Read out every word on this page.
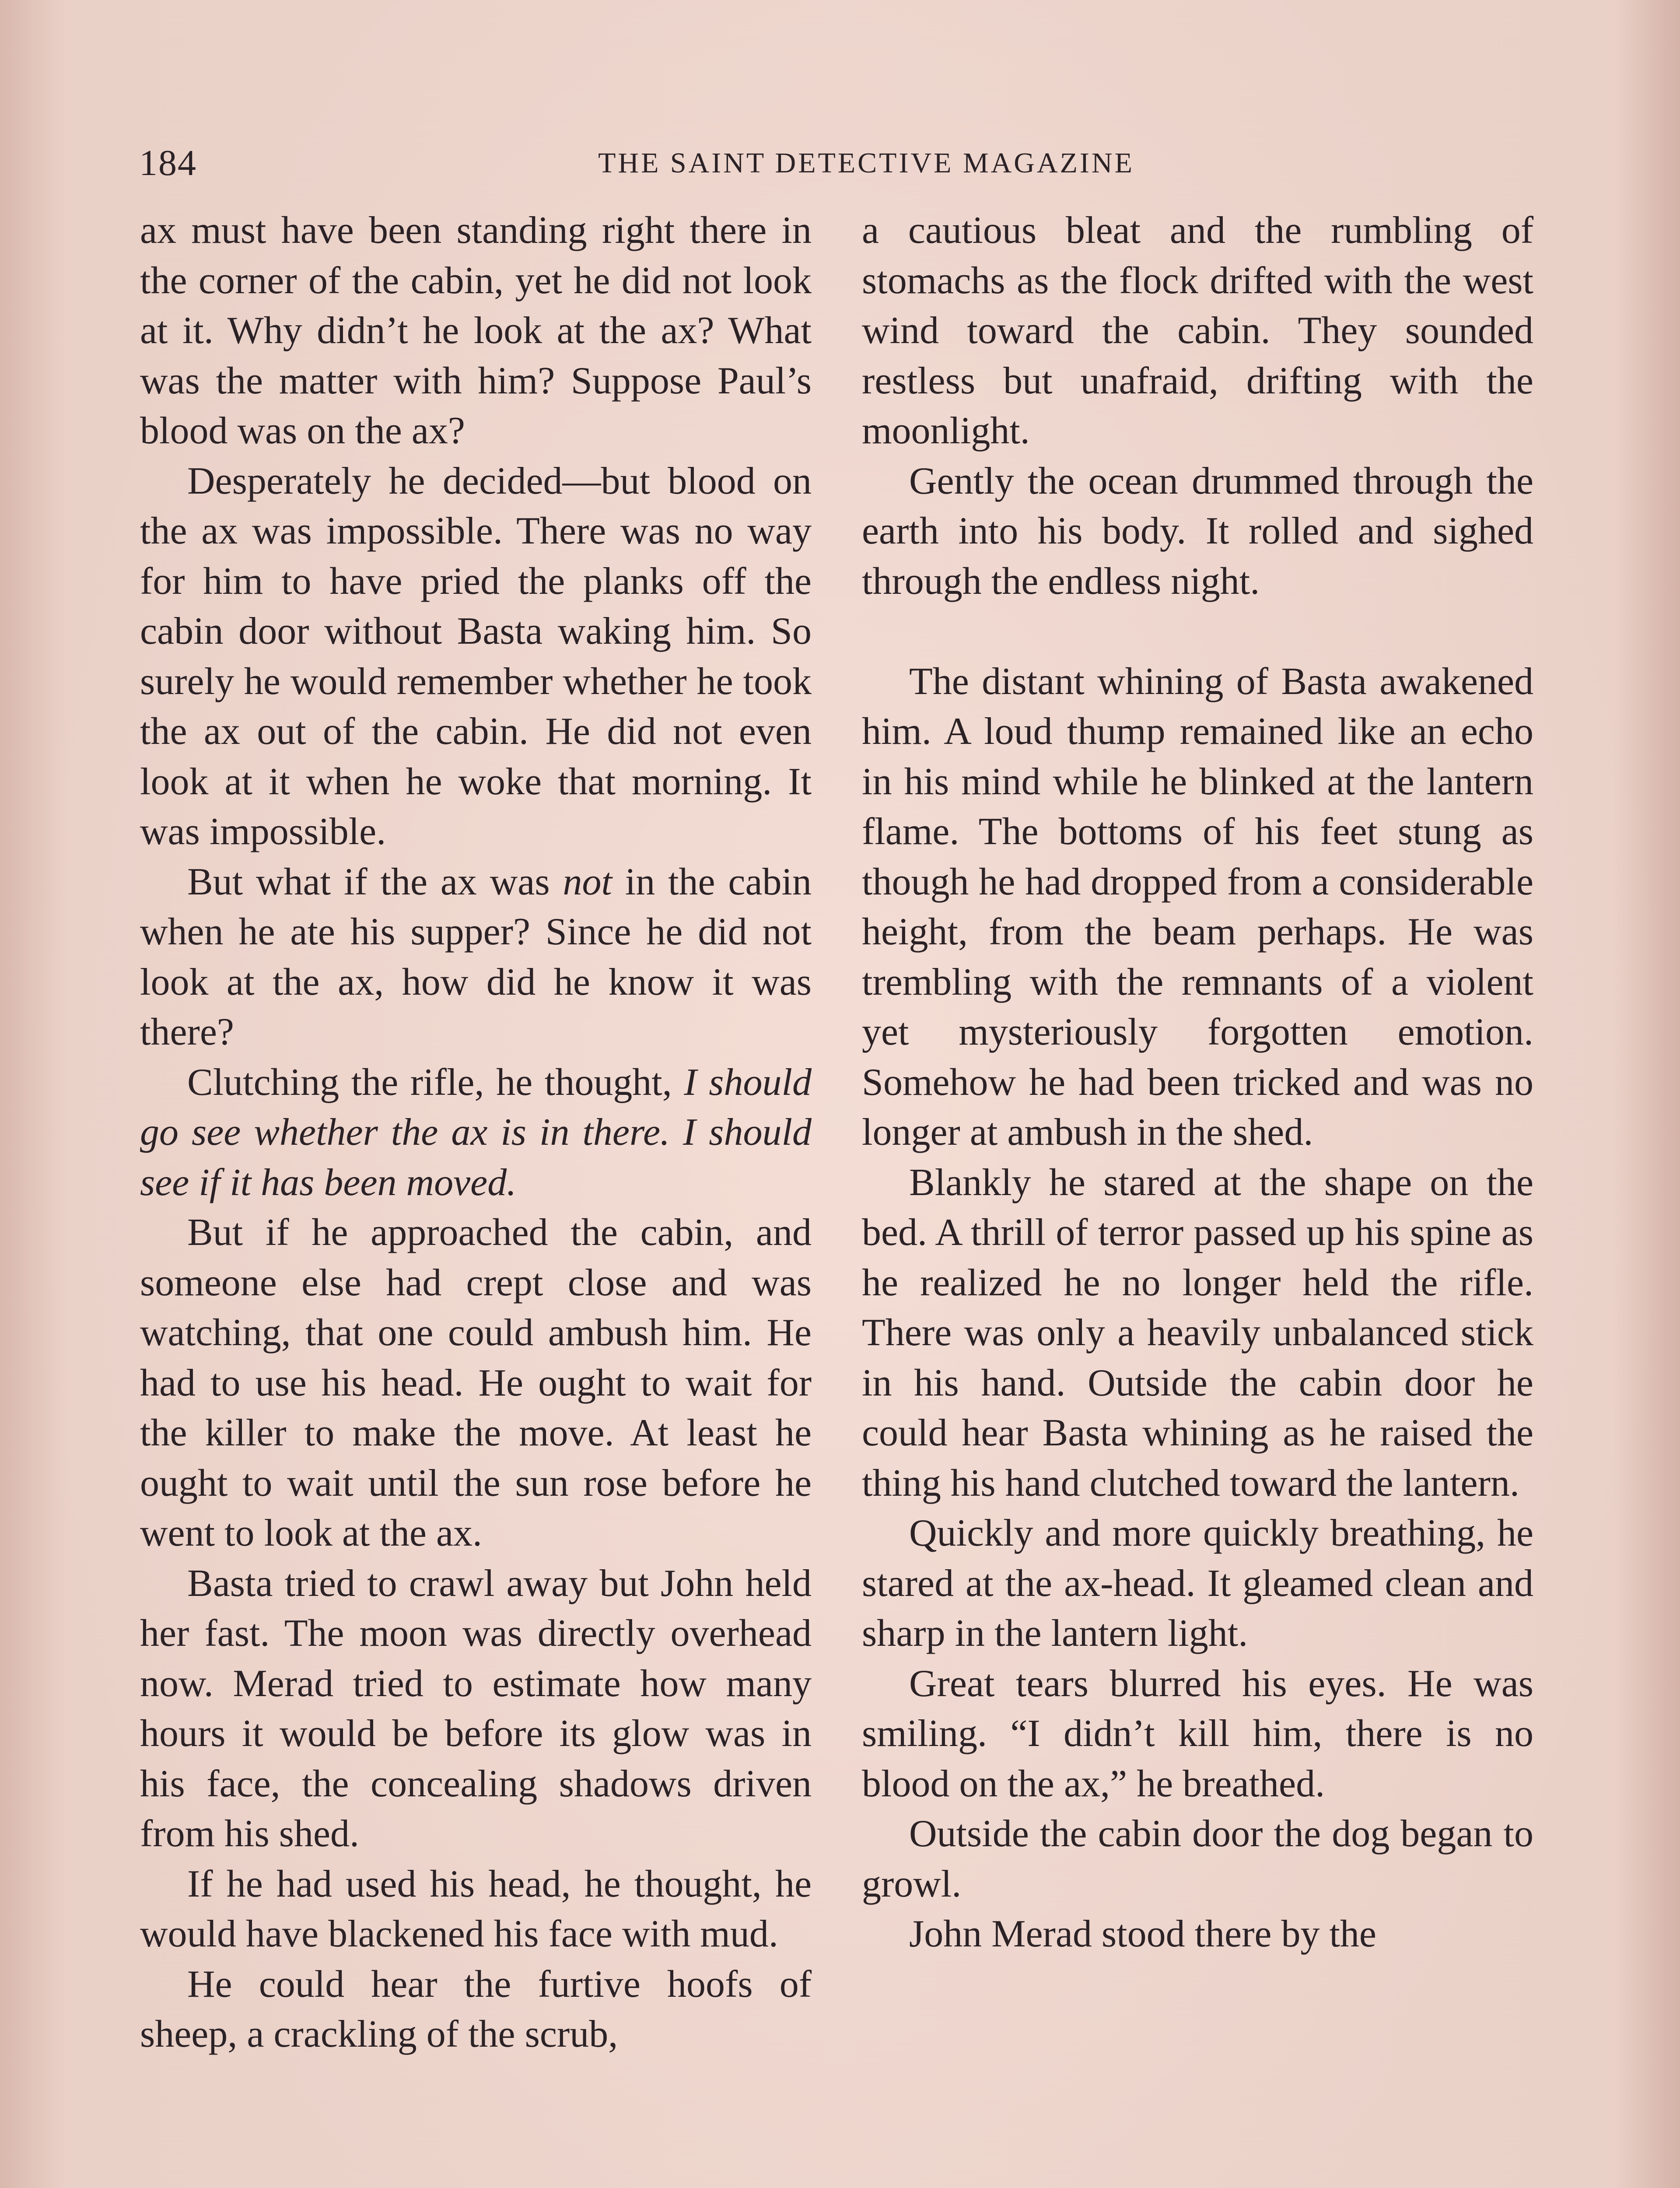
184	THE SAINT DETECTIVE MAGAZINE

ax must have been standing right there in the corner of the cabin, yet he did not look at it. Why didn’t he look at the ax? What was the matter with him? Suppose Paul’s blood was on the ax?

Desperately he decided—but blood on the ax was impossible. There was no way for him to have pried the planks off the cabin door without Basta waking him. So surely he would remember whether he took the ax out of the cabin. He did not even look at it when he woke that morning. It was impossible.

But what if the ax was not in the cabin when he ate his supper? Since he did not look at the ax, how did he know it was there?

Clutching the rifle, he thought, I should go see whether the ax is in there. I should see if it has been moved.

But if he approached the cabin, and someone else had crept close and was watching, that one could ambush him. He had to use his head. He ought to wait for the killer to make the move. At least he ought to wait until the sun rose before he went to look at the ax.

Basta tried to crawl away but John held her fast. The moon was directly overhead now. Merad tried to estimate how many hours it would be before its glow was in his face, the concealing shadows driven from his shed.

If he had used his head, he thought, he would have blackened his face with mud.

He could hear the furtive hoofs of sheep, a crackling of the scrub,

a cautious bleat and the rumbling of stomachs as the flock drifted with the west wind toward the cabin. They sounded restless but unafraid, drifting with the moonlight.

Gently the ocean drummed through the earth into his body. It rolled and sighed through the endless night.

The distant whining of Basta awakened him. A loud thump remained like an echo in his mind while he blinked at the lantern flame. The bottoms of his feet stung as though he had dropped from a considerable height, from the beam perhaps. He was trembling with the remnants of a violent yet mysteriously forgotten emotion. Somehow he had been tricked and was no longer at ambush in the shed.

Blankly he stared at the shape on the bed. A thrill of terror passed up his spine as he realized he no longer held the rifle. There was only a heavily unbalanced stick in his hand. Outside the cabin door he could hear Basta whining as he raised the thing his hand clutched toward the lantern.

Quickly and more quickly breathing, he stared at the ax-head. It gleamed clean and sharp in the lantern light.

Great tears blurred his eyes. He was smiling. “I didn’t kill him, there is no blood on the ax,” he breathed.

Outside the cabin door the dog began to growl.

John Merad stood there by the
